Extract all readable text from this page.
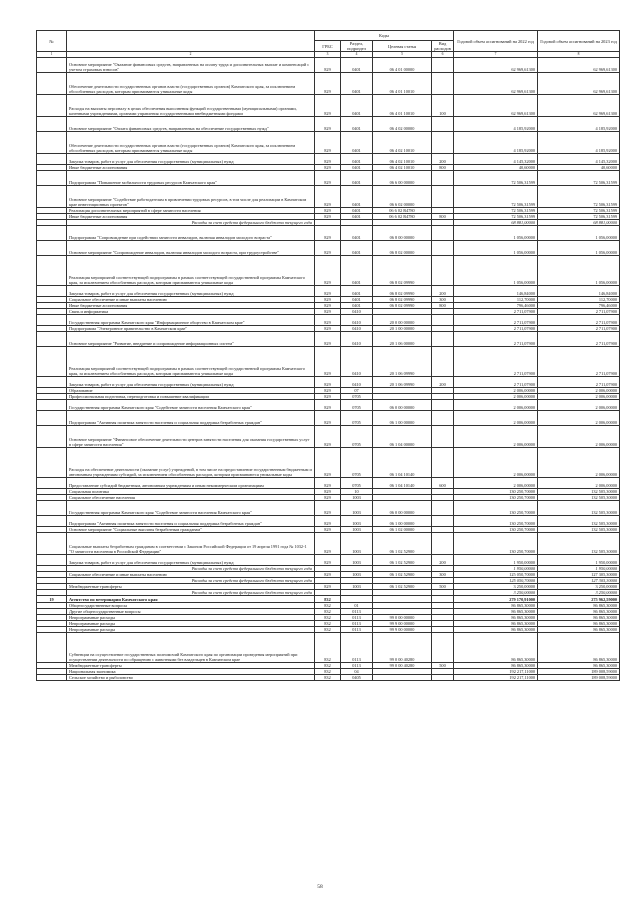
№		Коды				Годовой объем ассигнований на 2022 год	Годовой объем ассигнований на 2023 год
		ГРБС	Раздел, подраздел	Целевая статья	Вид расходов		
1	2	3	4	5	6	7	8
	Основное мероприятие "Оказание финансовых средств, направленных на оплату труда и дополнительных выплат и компенсаций с учетом страховых взносов"	829	0401	06 4 01 00000		62 969,61300	62 969,61300
	Обеспечение деятельности государственных органов власти (государственных органов) Камчатского края, за исключением обособленных расходов, которым присваиваются уникальные коды	829	0401	06 4 01 10010		62 969,61300	62 969,61300
	Расходы на выплаты персоналу в целях обеспечения выполнения функций государственными (муниципальными) органами, казенными учреждениями, органами управления государственными внебюджетными фондами	829	0401	06 4 01 10010	100	62 969,61300	62 969,61300
	Основное мероприятие "Оплата финансовых средств, направленных на обеспечение государственных нужд"	829	0401	06 4 02 00000		4 185,92000	4 185,92000
	Обеспечение деятельности государственных органов власти (государственных органов) Камчатского края, за исключением обособленных расходов, которым присваиваются уникальные коды	829	0401	06 4 02 10010		4 185,92000	4 185,92000
	Закупка товаров, работ и услуг для обеспечения государственных (муниципальных) нужд	829	0401	06 4 02 10010	200	4 145,32000	4 145,32000
	Иные бюджетные ассигнования	829	0401	06 4 02 10010	800	40,60000	40,60000
	Подпрограмма "Повышение мобильности трудовых ресурсов Камчатского края"	829	0401	06 6 00 00000		72 506,31599	72 506,31599
	Основное мероприятие "Содействие работодателям в привлечении трудовых ресурсов, в том числе для реализации в Камчатском крае инвестиционных проектов"	829	0401	06 6 02 00000		72 506,31599	72 506,31599
	Реализация дополнительных мероприятий в сфере занятости населения	829	0401	06 6 02 R4780		72 506,31599	72 506,31599
	Иные бюджетные ассигнования	829	0401	06 6 02 R4780	800	72 506,31599	72 506,31599
	Расходы за счет средств федерального бюджета текущего года					68 881,00000	68 881,00000
	Подпрограмма "Сопровождение при содействии занятости инвалидов, включая инвалидов молодого возраста"	829	0401	06 8 00 00000		1 056,00000	1 056,00000
	Основное мероприятие "Сопровождение инвалидов, включая инвалидов молодого возраста, при трудоустройстве"	829	0401	06 8 02 00000		1 056,00000	1 056,00000
	Реализация мероприятий соответствующей подпрограммы в рамках соответствующей государственной программы Камчатского края, за исключением обособленных расходов, которым присваиваются уникальные коды	829	0401	06 8 02 09990		1 056,00000	1 056,00000
	Закупка товаров, работ и услуг для обеспечения государственных (муниципальных) нужд	829	0401	06 8 02 09990	200	146,84000	146,84000
	Социальное обеспечение и иные выплаты населению	829	0401	06 8 02 09990	300	112,70000	112,70000
	Иные бюджетные ассигнования	829	0401	06 8 02 09990	800	796,46000	796,46000
	Связь и информатика	829	0410			2 711,07900	2 711,07900
	Государственная программа Камчатского края "Информационное общество в Камчатском крае"	829	0410	20 0 00 00000		2 711,07900	2 711,07900
	Подпрограмма "Электронное правительство в Камчатском крае"	829	0410	20 1 00 00000		2 711,07900	2 711,07900
	Основное мероприятие "Развитие, внедрение и сопровождение информационных систем"	829	0410	20 1 06 00000		2 711,07900	2 711,07900
	Реализация мероприятий соответствующей подпрограммы в рамках соответствующей государственной программы Камчатского края, за исключением обособленных расходов, которым присваиваются уникальные коды	829	0410	20 1 06 09990		2 711,07900	2 711,07900
	Закупка товаров, работ и услуг для обеспечения государственных (муниципальных) нужд	829	0410	20 1 06 09990	200	2 711,07900	2 711,07900
	Образование	829	07			2 006,00000	2 006,00000
	Профессиональная подготовка, переподготовка и повышение квалификации	829	0705			2 006,00000	2 006,00000
	Государственная программа Камчатского края "Содействие занятости населения Камчатского края"	829	0705	06 0 00 00000		2 006,00000	2 006,00000
	Подпрограмма "Активная политика занятости населения и социальная поддержка безработных граждан"	829	0705	06 1 00 00000		2 006,00000	2 006,00000
	Основное мероприятие "Финансовое обеспечение деятельности центров занятости населения для оказания государственных услуг в сфере занятости населения"	829	0705	06 1 04 00000		2 006,00000	2 006,00000
	Расходы на обеспечение деятельности (оказание услуг) учреждений, в том числе на предоставление государственным бюджетным и автономным учреждениям субсидий, за исключением обособленных расходов, которым присваиваются уникальные коды	829	0705	06 1 04 10140		2 006,00000	2 006,00000
	Предоставление субсидий бюджетным, автономным учреждениям и иным некоммерческим организациям	829	0705	06 1 04 10140	600	2 006,00000	2 006,00000
	Социальная политика	829	10			130 250,70000	132 505,30000
	Социальное обеспечение населения	829	1003			130 250,70000	132 505,30000
	Государственная программа Камчатского края "Содействие занятости населения Камчатского края"	829	1003	06 0 00 00000		130 250,70000	132 505,30000
	Подпрограмма "Активная политика занятости населения и социальная поддержка безработных граждан"	829	1003	06 1 00 00000		130 250,70000	132 505,30000
	Основное мероприятие "Социальные выплаты безработным гражданам"	829	1003	06 1 02 00000		130 250,70000	132 505,30000
	Социальные выплаты безработным гражданам в соответствии с Законом Российской Федерации от 19 апреля 1991 года № 1032-1 "О занятости населения в Российской Федерации"	829	1003	06 1 02 52900		130 250,70000	132 505,30000
	Закупка товаров, работ и услуг для обеспечения государственных (муниципальных) нужд	829	1003	06 1 02 52900	200	1 950,00000	1 950,00000
	Расходы за счет средств федерального бюджета текущего года					1 950,00000	1 950,00000
	Социальное обеспечение и иные выплаты населению	829	1003	06 1 02 52900	300	125 050,70000	127 305,30000
	Расходы за счет средств федерального бюджета текущего года					125 050,70000	127 305,30000
	Межбюджетные трансферты	829	1003	06 1 02 52900	500	3 250,00000	3 250,00000
	Расходы за счет средств федерального бюджета текущего года					3 250,00000	3 250,00000
19	Агентство по ветеринарии Камчатского края	832				279 170,91000	275 962,59000
	Общегосударственные вопросы	832	01			86 865,30000	86 865,30000
	Другие общегосударственные вопросы	832	0113			86 865,30000	86 865,30000
	Непрограммные расходы	832	0113	99 0 00 00000		86 865,30000	86 865,30000
	Непрограммные расходы	832	0113	99 9 00 00000		86 865,30000	86 865,30000
	Непрограммные расходы	832	0113	99 9 00 00000		86 865,30000	86 865,30000
	Субвенции на осуществление государственных полномочий Камчатского края по организации проведения мероприятий при осуществлении деятельности по обращению с животными без владельцев в Камчатском крае	832	0113	99 0 00 40280		86 865,30000	86 865,30000
	Межбюджетные трансферты	832	0113	99 0 00 40280	500	86 865,30000	86 865,30000
	Национальная экономика	832	04			192 217,11000	189 008,59000
	Сельское хозяйство и рыболовство	832	0405			192 217,11000	189 008,59000
58
